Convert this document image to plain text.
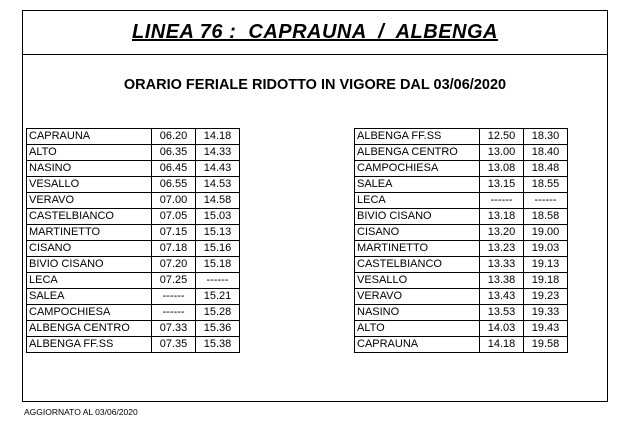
LINEA 76 :  CAPRAUNA  /  ALBENGA
ORARIO FERIALE RIDOTTO IN VIGORE DAL 03/06/2020
CAPRAUNA	06.20	14.18
ALTO	06.35	14.33
NASINO	06.45	14.43
VESALLO	06.55	14.53
VERAVO	07.00	14.58
CASTELBIANCO	07.05	15.03
MARTINETTO	07.15	15.13
CISANO	07.18	15.16
BIVIO CISANO	07.20	15.18
LECA	07.25	------
SALEA	------	15.21
CAMPOCHIESA	------	15.28
ALBENGA CENTRO	07.33	15.36
ALBENGA FF.SS	07.35	15.38
ALBENGA FF.SS	12.50	18.30
ALBENGA CENTRO	13.00	18.40
CAMPOCHIESA	13.08	18.48
SALEA	13.15	18.55
LECA	------	------
BIVIO CISANO	13.18	18.58
CISANO	13.20	19.00
MARTINETTO	13.23	19.03
CASTELBIANCO	13.33	19.13
VESALLO	13.38	19.18
VERAVO	13.43	19.23
NASINO	13.53	19.33
ALTO	14.03	19.43
CAPRAUNA	14.18	19.58
AGGIORNATO AL 03/06/2020
